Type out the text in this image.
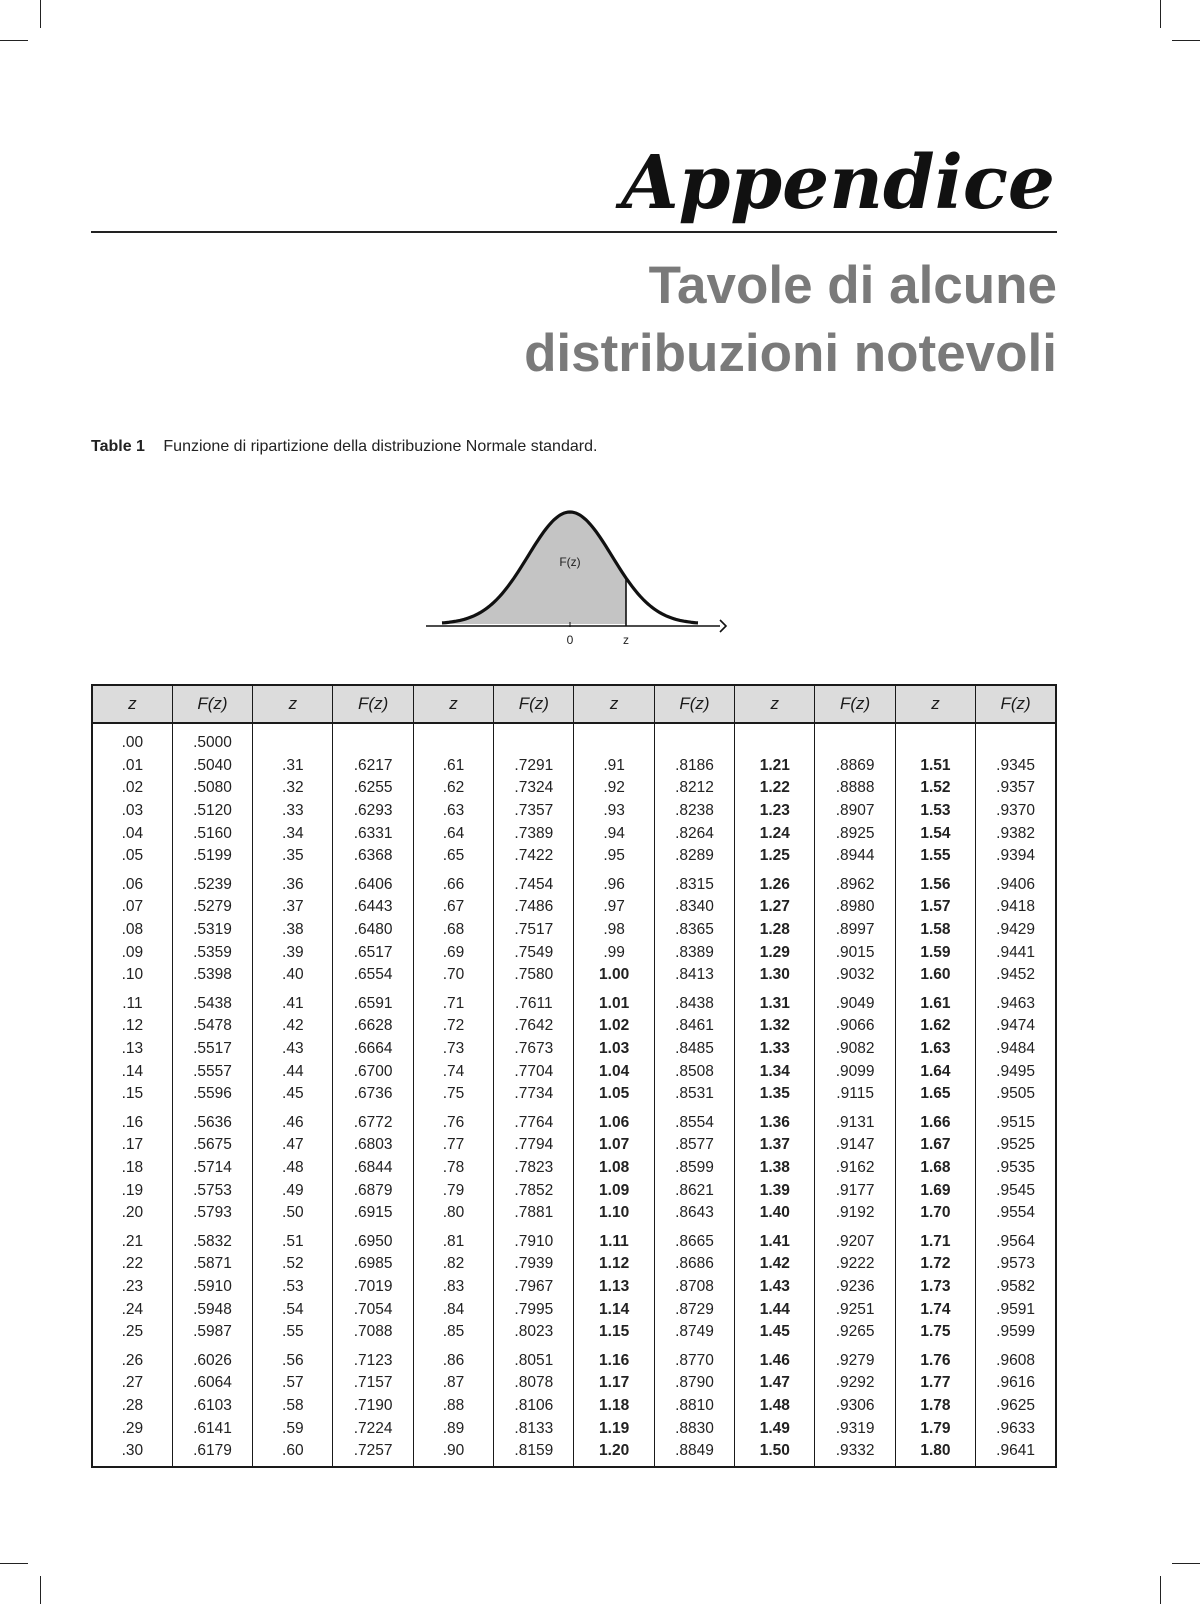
Appendice
Tavole di alcune
distribuzioni notevoli
Table 1 Funzione di ripartizione della distribuzione Normale standard.
F(z)
0	z
z	F(z)	z	F(z)	z	F(z)	z	F(z)	z	F(z)	z	F(z)
.00	.5000										
.01	.5040	.31	.6217	.61	.7291	.91	.8186	1.21	.8869	1.51	.9345
.02	.5080	.32	.6255	.62	.7324	.92	.8212	1.22	.8888	1.52	.9357
.03	.5120	.33	.6293	.63	.7357	.93	.8238	1.23	.8907	1.53	.9370
.04	.5160	.34	.6331	.64	.7389	.94	.8264	1.24	.8925	1.54	.9382
.05	.5199	.35	.6368	.65	.7422	.95	.8289	1.25	.8944	1.55	.9394
.06	.5239	.36	.6406	.66	.7454	.96	.8315	1.26	.8962	1.56	.9406
.07	.5279	.37	.6443	.67	.7486	.97	.8340	1.27	.8980	1.57	.9418
.08	.5319	.38	.6480	.68	.7517	.98	.8365	1.28	.8997	1.58	.9429
.09	.5359	.39	.6517	.69	.7549	.99	.8389	1.29	.9015	1.59	.9441
.10	.5398	.40	.6554	.70	.7580	1.00	.8413	1.30	.9032	1.60	.9452
.11	.5438	.41	.6591	.71	.7611	1.01	.8438	1.31	.9049	1.61	.9463
.12	.5478	.42	.6628	.72	.7642	1.02	.8461	1.32	.9066	1.62	.9474
.13	.5517	.43	.6664	.73	.7673	1.03	.8485	1.33	.9082	1.63	.9484
.14	.5557	.44	.6700	.74	.7704	1.04	.8508	1.34	.9099	1.64	.9495
.15	.5596	.45	.6736	.75	.7734	1.05	.8531	1.35	.9115	1.65	.9505
.16	.5636	.46	.6772	.76	.7764	1.06	.8554	1.36	.9131	1.66	.9515
.17	.5675	.47	.6803	.77	.7794	1.07	.8577	1.37	.9147	1.67	.9525
.18	.5714	.48	.6844	.78	.7823	1.08	.8599	1.38	.9162	1.68	.9535
.19	.5753	.49	.6879	.79	.7852	1.09	.8621	1.39	.9177	1.69	.9545
.20	.5793	.50	.6915	.80	.7881	1.10	.8643	1.40	.9192	1.70	.9554
.21	.5832	.51	.6950	.81	.7910	1.11	.8665	1.41	.9207	1.71	.9564
.22	.5871	.52	.6985	.82	.7939	1.12	.8686	1.42	.9222	1.72	.9573
.23	.5910	.53	.7019	.83	.7967	1.13	.8708	1.43	.9236	1.73	.9582
.24	.5948	.54	.7054	.84	.7995	1.14	.8729	1.44	.9251	1.74	.9591
.25	.5987	.55	.7088	.85	.8023	1.15	.8749	1.45	.9265	1.75	.9599
.26	.6026	.56	.7123	.86	.8051	1.16	.8770	1.46	.9279	1.76	.9608
.27	.6064	.57	.7157	.87	.8078	1.17	.8790	1.47	.9292	1.77	.9616
.28	.6103	.58	.7190	.88	.8106	1.18	.8810	1.48	.9306	1.78	.9625
.29	.6141	.59	.7224	.89	.8133	1.19	.8830	1.49	.9319	1.79	.9633
.30	.6179	.60	.7257	.90	.8159	1.20	.8849	1.50	.9332	1.80	.9641
